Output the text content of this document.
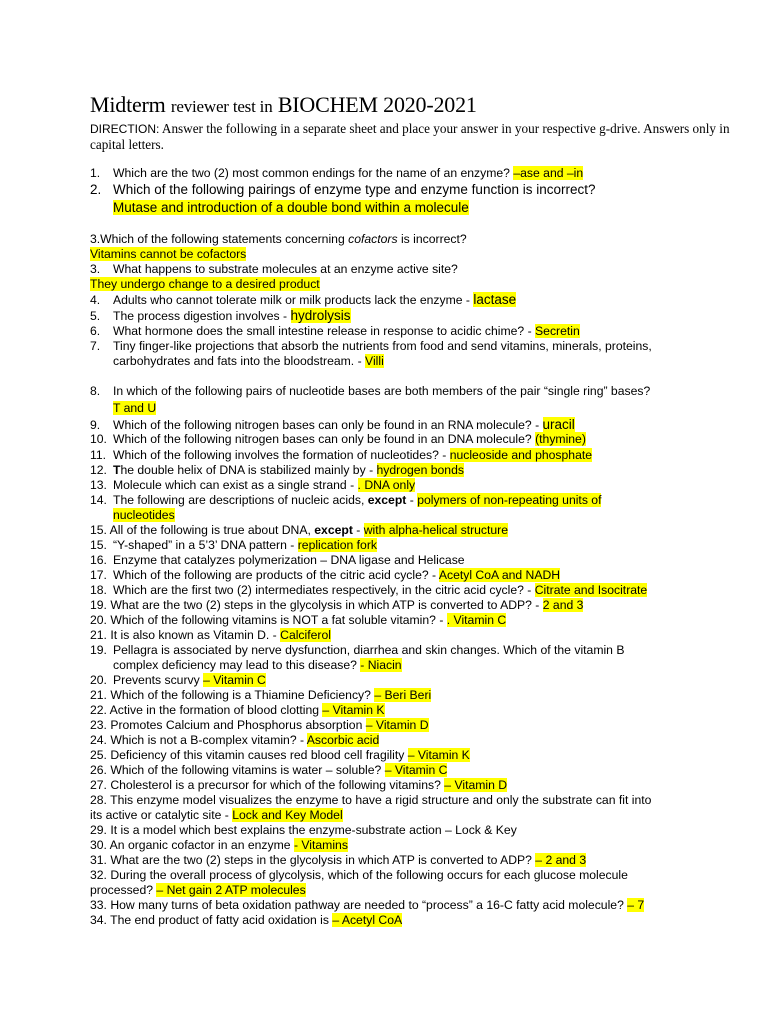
Midterm reviewer test in BIOCHEM 2020-2021
DIRECTION: Answer the following in a separate sheet and place your answer in your respective g-drive. Answers only in capital letters.
1. Which are the two (2) most common endings for the name of an enzyme? –ase and –in
2. Which of the following pairings of enzyme type and enzyme function is incorrect?
Mutase and introduction of a double bond within a molecule
3.Which of the following statements concerning cofactors is incorrect?
Vitamins cannot be cofactors
3. What happens to substrate molecules at an enzyme active site?
They undergo change to a desired product
4. Adults who cannot tolerate milk or milk products lack the enzyme - lactase
5. The process digestion involves - hydrolysis
6. What hormone does the small intestine release in response to acidic chime? - Secretin
7. Tiny finger-like projections that absorb the nutrients from food and send vitamins, minerals, proteins,
carbohydrates and fats into the bloodstream. - Villi
8. In which of the following pairs of nucleotide bases are both members of the pair “single ring” bases?
T and U
9. Which of the following nitrogen bases can only be found in an RNA molecule? - uracil
10. Which of the following nitrogen bases can only be found in an DNA molecule? (thymine)
11. Which of the following involves the formation of nucleotides? - nucleoside and phosphate
12. The double helix of DNA is stabilized mainly by - hydrogen bonds
13. Molecule which can exist as a single strand - . DNA only
14. The following are descriptions of nucleic acids, except - polymers of non-repeating units of
nucleotides
15. All of the following is true about DNA, except - with alpha-helical structure
15. “Y-shaped” in a 5’3’ DNA pattern - replication fork
16. Enzyme that catalyzes polymerization – DNA ligase and Helicase
17. Which of the following are products of the citric acid cycle? - Acetyl CoA and NADH
18. Which are the first two (2) intermediates respectively, in the citric acid cycle? - Citrate and Isocitrate
19. What are the two (2) steps in the glycolysis in which ATP is converted to ADP? - 2 and 3
20. Which of the following vitamins is NOT a fat soluble vitamin? - . Vitamin C
21. It is also known as Vitamin D. - Calciferol
19. Pellagra is associated by nerve dysfunction, diarrhea and skin changes. Which of the vitamin B
complex deficiency may lead to this disease? - Niacin
20. Prevents scurvy – Vitamin C
21. Which of the following is a Thiamine Deficiency? – Beri Beri
22. Active in the formation of blood clotting – Vitamin K
23. Promotes Calcium and Phosphorus absorption – Vitamin D
24. Which is not a B-complex vitamin? - Ascorbic acid
25. Deficiency of this vitamin causes red blood cell fragility – Vitamin K
26. Which of the following vitamins is water – soluble? – Vitamin C
27. Cholesterol is a precursor for which of the following vitamins? – Vitamin D
28. This enzyme model visualizes the enzyme to have a rigid structure and only the substrate can fit into
its active or catalytic site - Lock and Key Model
29. It is a model which best explains the enzyme-substrate action – Lock & Key
30. An organic cofactor in an enzyme - Vitamins
31. What are the two (2) steps in the glycolysis in which ATP is converted to ADP? – 2 and 3
32. During the overall process of glycolysis, which of the following occurs for each glucose molecule
processed? – Net gain 2 ATP molecules
33. How many turns of beta oxidation pathway are needed to “process” a 16-C fatty acid molecule? – 7
34. The end product of fatty acid oxidation is – Acetyl CoA
